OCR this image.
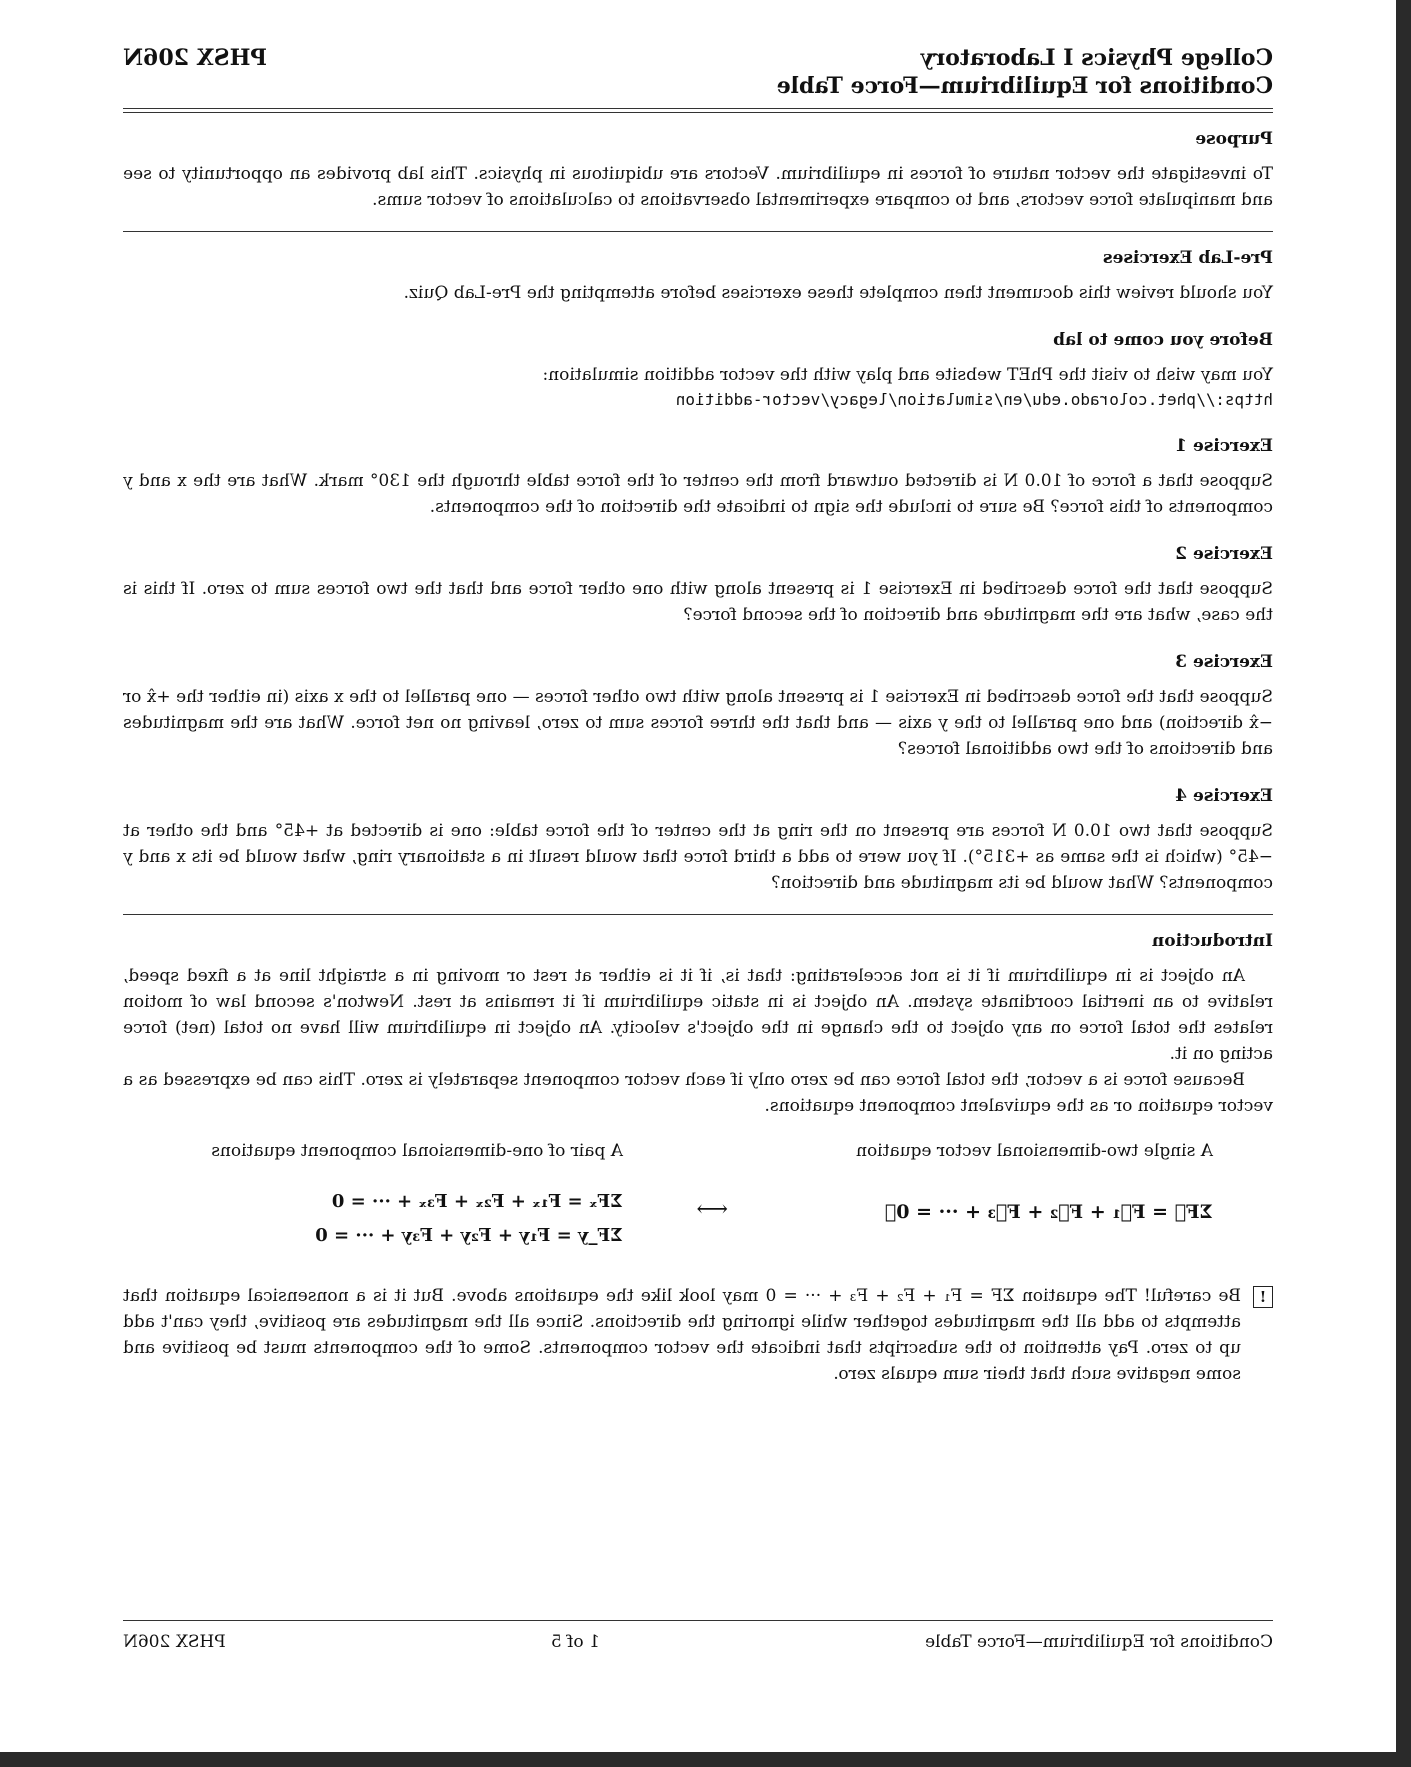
College Physics I Laboratory
Conditions for Equilibrium—Force Table
PHSX 206N
Purpose

To investigate the vector nature of forces in equilibrium. Vectors are ubiquitous in physics. This lab provides an opportunity to see and manipulate force vectors, and to compare experimental observations to calculations of vector sums.

Pre-Lab Exercises

You should review this document then complete these exercises before attempting the Pre-Lab Quiz.

Before you come to lab

You may wish to visit the PhET website and play with the vector addition simulation:

https://phet.colorado.edu/en/simulation/legacy/vector-addition
Exercise 1

Suppose that a force of 10.0 N is directed outward from the center of the force table through the 130° mark. What are the x and y components of this force? Be sure to include the sign to indicate the direction of the components.

Exercise 2

Suppose that the force described in Exercise 1 is present along with one other force and that the two forces sum to zero. If this is the case, what are the magnitude and direction of the second force?

Exercise 3

Suppose that the force described in Exercise 1 is present along with two other forces — one parallel to the x axis (in either the +x̂ or −x̂ direction) and one parallel to the y axis — and that the three forces sum to zero, leaving no net force. What are the magnitudes and directions of the two additional forces?

Exercise 4

Suppose that two 10.0 N forces are present on the ring at the center of the force table: one is directed at +45° and the other at −45° (which is the same as +315°). If you were to add a third force that would result in a stationary ring, what would be its x and y components? What would be its magnitude and direction?

Introduction

An object is in equilibrium if it is not accelerating: that is, if it is either at rest or moving in a straight line at a fixed speed, relative to an inertial coordinate system. An object is in static equilibrium if it remains at rest. Newton's second law of motion relates the total force on any object to the change in the object's velocity. An object in equilibrium will have no total (net) force acting on it.

Because force is a vector, the total force can be zero only if each vector component separately is zero. This can be expressed as a vector equation or as the equivalent component equations.

A single two-dimensional vector equation
A pair of one-dimensional component equations
ΣF⃗ = F⃗₁ + F⃗₂ + F⃗₃ + ··· = 0⃗
⟷
ΣFₓ = F₁ₓ + F₂ₓ + F₃ₓ + ··· = 0
ΣF_y = F₁y + F₂y + F₃y + ··· = 0
!

Be careful! The equation ΣF = F₁ + F₂ + F₃ + ··· = 0 may look like the equations above. But it is a nonsensical equation that attempts to add all the magnitudes together while ignoring the directions. Since all the magnitudes are positive, they can't add up to zero. Pay attention to the subscripts that indicate the vector components. Some of the components must be positive and some negative such that their sum equals zero.

Conditions for Equilibrium—Force Table
1 of 5
PHSX 206N
